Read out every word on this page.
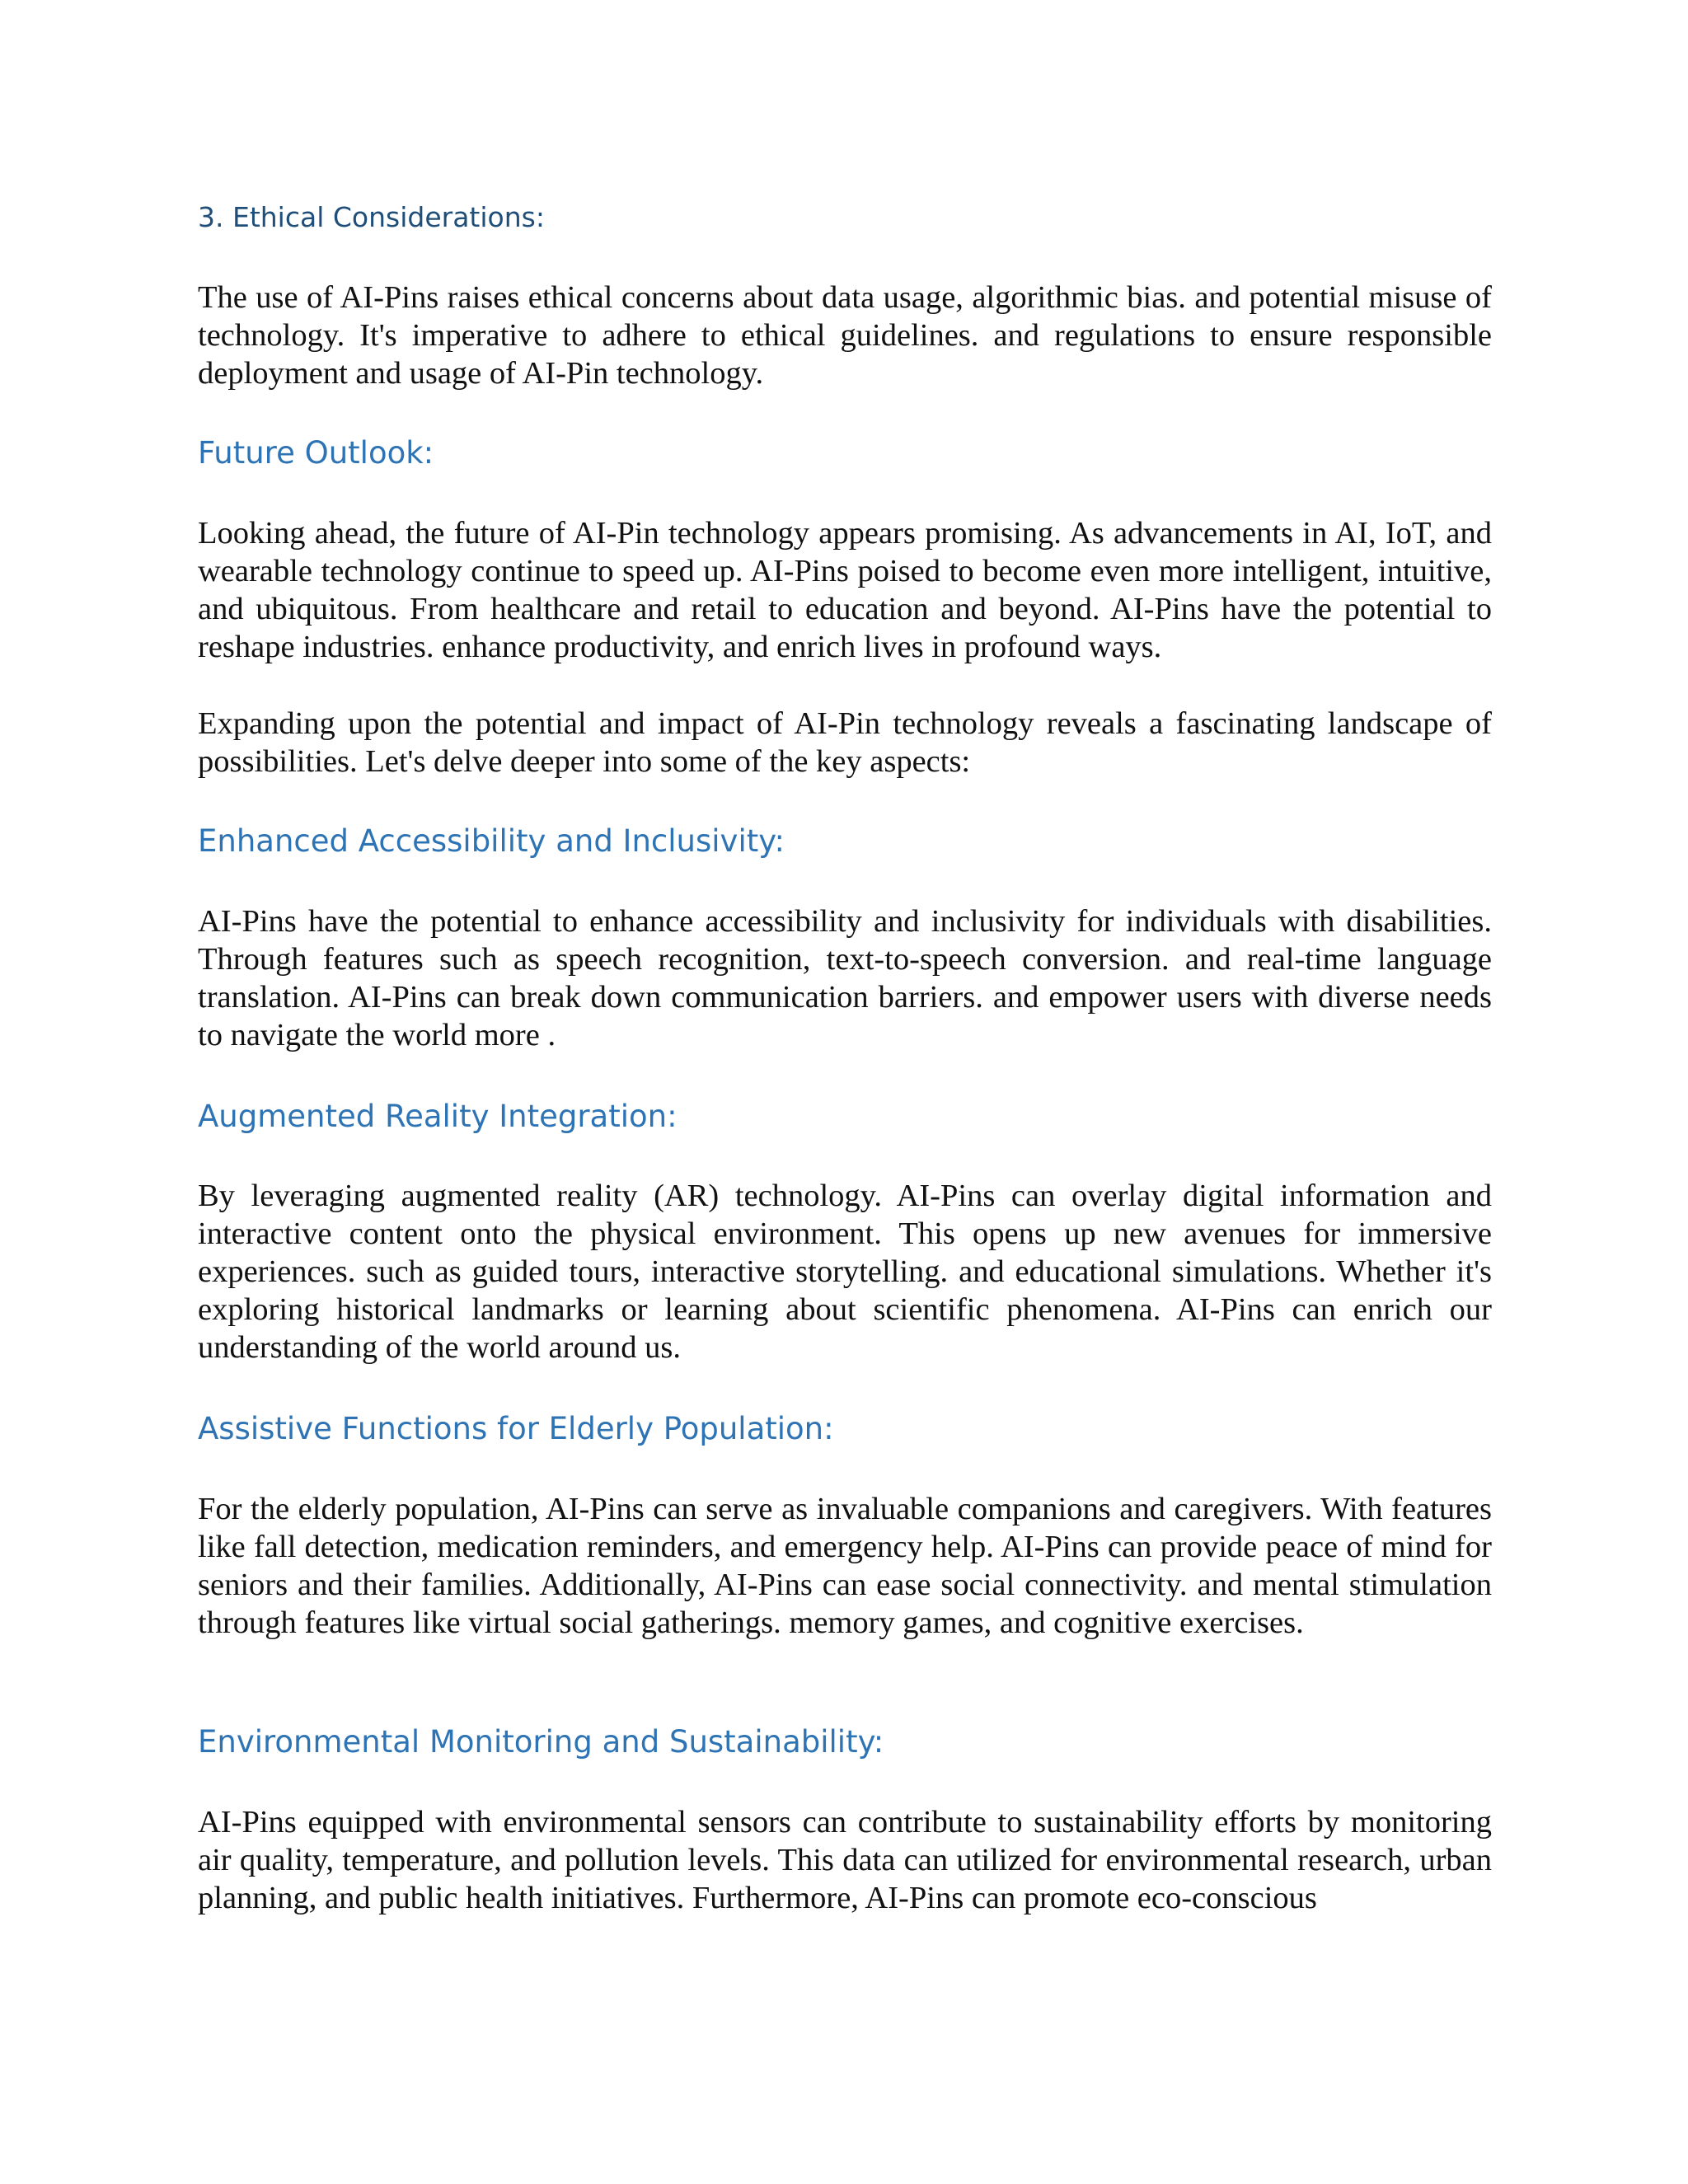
3. Ethical Considerations:

The use of AI-Pins raises ethical concerns about data usage, algorithmic bias. and potential misuse of technology. It's imperative to adhere to ethical guidelines. and regulations to ensure responsible deployment and usage of AI-Pin technology.

Future Outlook:

Looking ahead, the future of AI-Pin technology appears promising. As advancements in AI, IoT, and wearable technology continue to speed up. AI-Pins poised to become even more intelligent, intuitive, and ubiquitous. From healthcare and retail to education and beyond. AI-Pins have the potential to reshape industries. enhance productivity, and enrich lives in profound ways.

Expanding upon the potential and impact of AI-Pin technology reveals a fascinating landscape of possibilities. Let's delve deeper into some of the key aspects:

Enhanced Accessibility and Inclusivity:

AI-Pins have the potential to enhance accessibility and inclusivity for individuals with disabilities. Through features such as speech recognition, text-to-speech conversion. and real-time language translation. AI-Pins can break down communication barriers. and empower users with diverse needs to navigate the world more .

Augmented Reality Integration:

By leveraging augmented reality (AR) technology. AI-Pins can overlay digital information and interactive content onto the physical environment. This opens up new avenues for immersive experiences. such as guided tours, interactive storytelling. and educational simulations. Whether it's exploring historical landmarks or learning about scientific phenomena. AI-Pins can enrich our understanding of the world around us.

Assistive Functions for Elderly Population:

For the elderly population, AI-Pins can serve as invaluable companions and caregivers. With features like fall detection, medication reminders, and emergency help. AI-Pins can provide peace of mind for seniors and their families. Additionally, AI-Pins can ease social connectivity. and mental stimulation through features like virtual social gatherings. memory games, and cognitive exercises.

Environmental Monitoring and Sustainability:

AI-Pins equipped with environmental sensors can contribute to sustainability efforts by monitoring air quality, temperature, and pollution levels. This data can utilized for environmental research, urban planning, and public health initiatives. Furthermore, AI-Pins can promote eco-conscious
